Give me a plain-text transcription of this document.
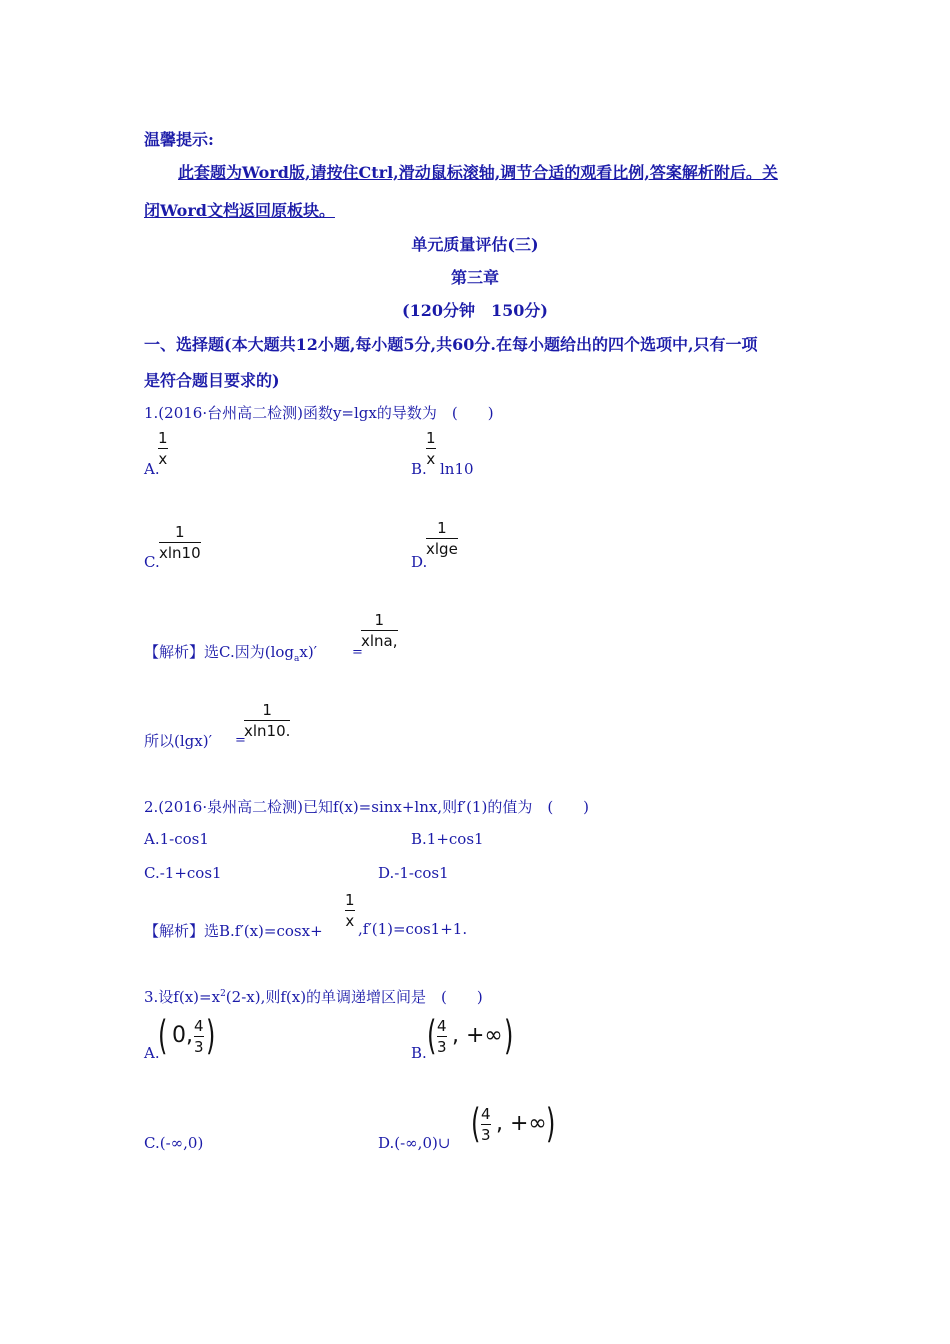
温馨提示:
此套题为Word版,请按住Ctrl,滑动鼠标滚轴,调节合适的观看比例,答案解析附后。关
闭Word文档返回原板块。
单元质量评估(三)
第三章
(120分钟　150分)
一、选择题(本大题共12小题,每小题5分,共60分.在每小题给出的四个选项中,只有一项
是符合题目要求的)
1.(2016·台州高二检测)函数y=lgx的导数为　(　　)
A.
1
x
B.
1
x
ln10
C.
1
xln10	D.
1
xlge
【解析】选C.因为$(\log_ax)'$	=
1
xlna,
所以(lgx)′ =
1
xln10.
2.(2016·泉州高二检测)已知f(x)=sinx+lnx,则f′(1)的值为　(　　)
A.1-cos1	B.1+cos1
C.-1+cos1	D.-1-cos1
【解析】选B.f′(x)=cosx+
1
x ,f′(1)=cos1+1.
3.设$f(x)=x^2(2-x)$,则f(x)的单调递增区间是　(　　)
A.
( 0, 4
3 )	B. ( 4
3 , +∞ )
C.(-∞,0)	D.(-∞,0)∪ ( 4
3 , +∞ )
